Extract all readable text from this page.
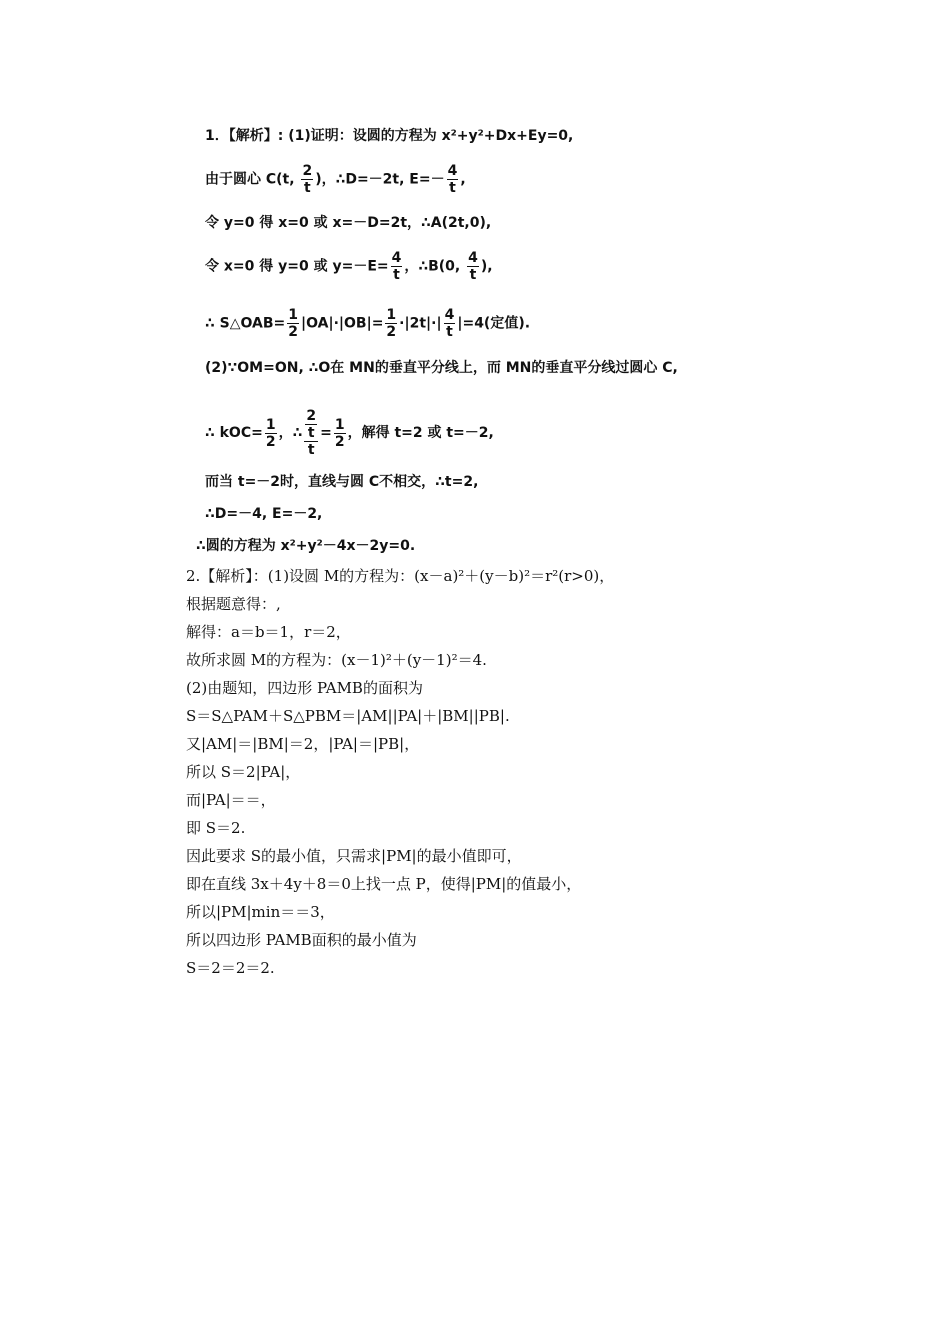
1．【解析】: (1)证明：设圆的方程为 x²+y²+Dx+Ey=0,
由于圆心 C(t, $\frac{2}{t}$ )，∴D=－2t, $E=- \frac{4}{t}$ ,
令 y=0 得 x=0 或 x=－D=2t，∴A(2t,0),
令 x=0 得 y=0 或 $y=-E= \frac{4}{t}$ ，∴B(0, $\frac{4}{t}$ ),
∴ S△OAB= $\frac{1}{2} |OA|\cdot|OB|= \frac{1}{2} \cdot|2t|\cdot| \frac{4}{t} |=4$(定值).
(2)∵OM=ON, ∴O在 MN的垂直平分线上，而 MN的垂直平分线过圆心 C,
∴ $kOC= \frac{1}{2}$ ，∴ $\frac{\frac{2}{t}}{t} = \frac{1}{2}$ ，解得 t=2 或 t=－2,
而当 t=－2时，直线与圆 C不相交，∴t=2,
∴D=－4, E=－2,
∴圆的方程为 x²+y²－4x－2y=0.
2.【解析】：(1)设圆 M的方程为：(x－a)²＋(y－b)²＝r²(r>0)，
根据题意得：,
解得：a＝b＝1，r＝2，
故所求圆 M的方程为：(x－1)²＋(y－1)²＝4.
(2)由题知，四边形 PAMB的面积为
S＝S△PAM＋S△PBM＝|AM||PA|＋|BM||PB|.
又|AM|＝|BM|＝2，|PA|＝|PB|，
所以 S＝2|PA|，
而|PA|＝＝，
即 S＝2.
因此要求 S的最小值，只需求|PM|的最小值即可，
即在直线 3x＋4y＋8＝0上找一点 P，使得|PM|的值最小，
所以|PM|min＝＝3，
所以四边形 PAMB面积的最小值为
S＝2＝2＝2.
